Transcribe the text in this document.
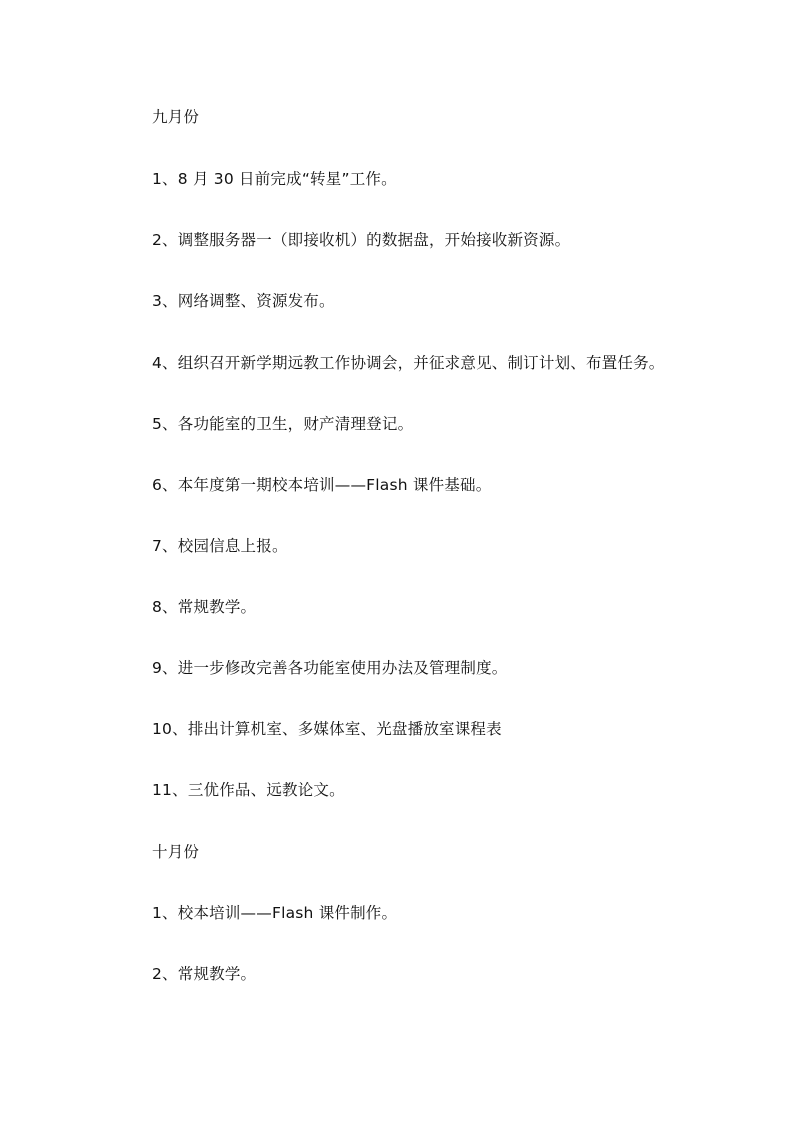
九月份
1、8 月 30 日前完成“转星”工作。
2、调整服务器一（即接收机）的数据盘，开始接收新资源。
3、网络调整、资源发布。
4、组织召开新学期远教工作协调会，并征求意见、制订计划、布置任务。
5、各功能室的卫生，财产清理登记。
6、本年度第一期校本培训——Flash 课件基础。
7、校园信息上报。
8、常规教学。
9、进一步修改完善各功能室使用办法及管理制度。
10、排出计算机室、多媒体室、光盘播放室课程表
11、三优作品、远教论文。
十月份
1、校本培训——Flash 课件制作。
2、常规教学。
